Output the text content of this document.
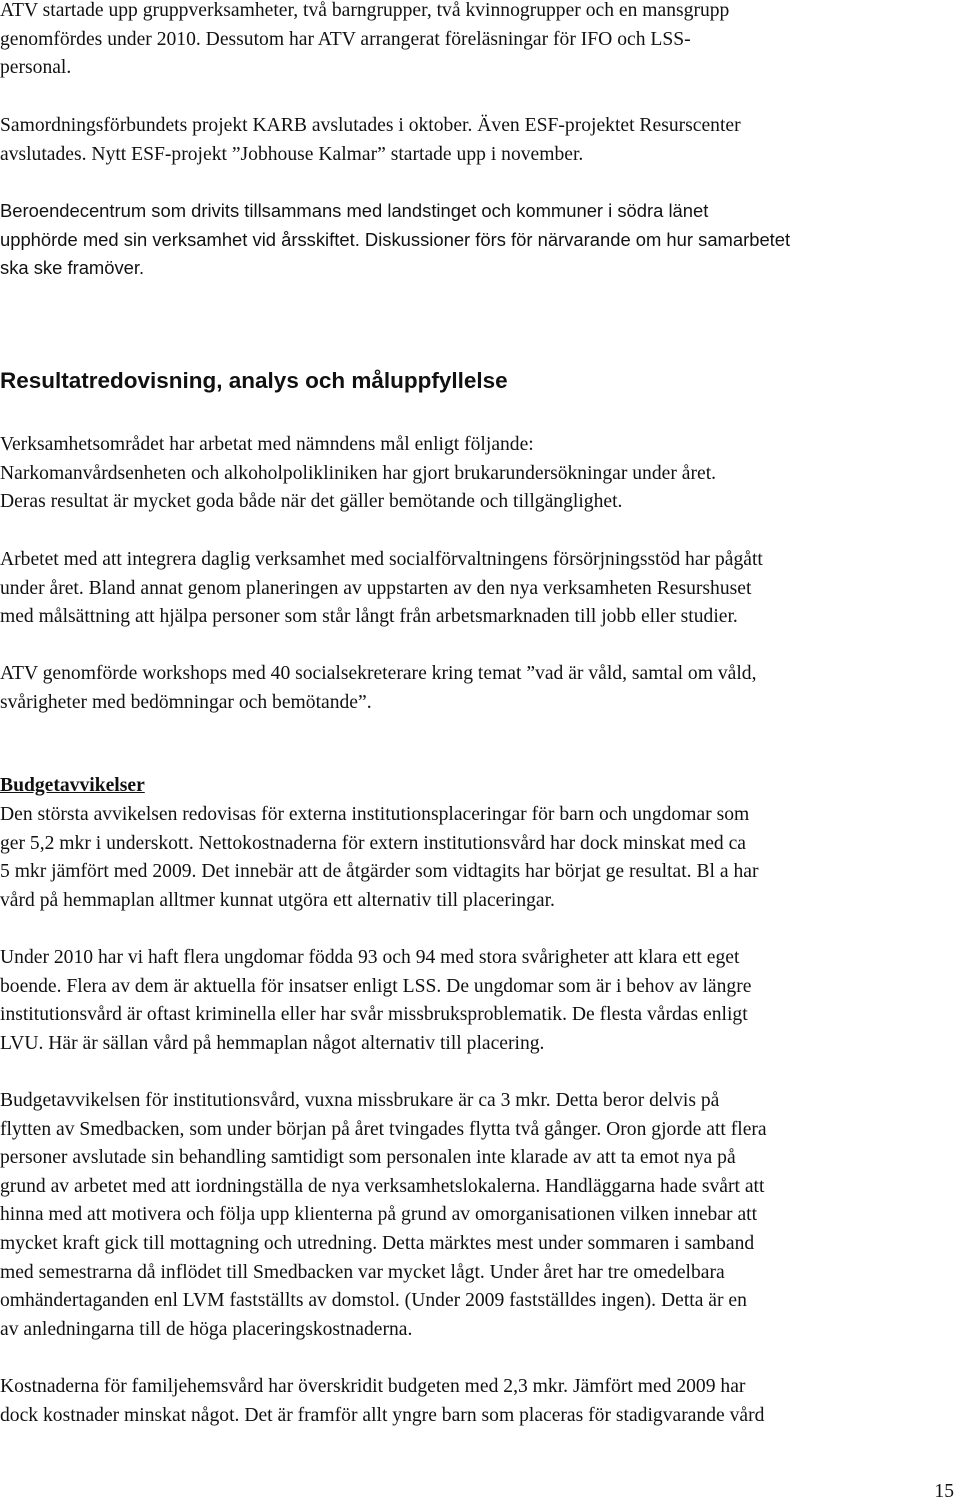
ATV startade upp gruppverksamheter, två barngrupper, två kvinnogrupper och en mansgrupp
genomfördes under 2010. Dessutom har ATV arrangerat föreläsningar för IFO och LSS-
personal.
Samordningsförbundets projekt KARB avslutades i oktober. Även ESF-projektet Resurscenter
avslutades. Nytt ESF-projekt ”Jobhouse Kalmar” startade upp i november.
Beroendecentrum som drivits tillsammans med landstinget och kommuner i södra länet
upphörde med sin verksamhet vid årsskiftet. Diskussioner förs för närvarande om hur samarbetet
ska ske framöver.
Resultatredovisning, analys och måluppfyllelse
Verksamhetsområdet har arbetat med nämndens mål enligt följande:
Narkomanvårdsenheten och alkoholpolikliniken har gjort brukarundersökningar under året.
Deras resultat är mycket goda både när det gäller bemötande och tillgänglighet.
Arbetet med att integrera daglig verksamhet med socialförvaltningens försörjningsstöd har pågått
under året. Bland annat genom planeringen av uppstarten av den nya verksamheten Resurshuset
med målsättning att hjälpa personer som står långt från arbetsmarknaden till jobb eller studier.
ATV genomförde workshops med 40 socialsekreterare kring temat ”vad är våld, samtal om våld,
svårigheter med bedömningar och bemötande”.
Budgetavvikelser
Den största avvikelsen redovisas för externa institutionsplaceringar för barn och ungdomar som
ger 5,2 mkr i underskott. Nettokostnaderna för extern institutionsvård har dock minskat med ca
5 mkr jämfört med 2009. Det innebär att de åtgärder som vidtagits har börjat ge resultat. Bl a har
vård på hemmaplan alltmer kunnat utgöra ett alternativ till placeringar.
Under 2010 har vi haft flera ungdomar födda 93 och 94 med stora svårigheter att klara ett eget
boende. Flera av dem är aktuella för insatser enligt LSS. De ungdomar som är i behov av längre
institutionsvård är oftast kriminella eller har svår missbruksproblematik. De flesta vårdas enligt
LVU. Här är sällan vård på hemmaplan något alternativ till placering.
Budgetavvikelsen för institutionsvård, vuxna missbrukare är ca 3 mkr. Detta beror delvis på
flytten av Smedbacken, som under början på året tvingades flytta två gånger. Oron gjorde att flera
personer avslutade sin behandling samtidigt som personalen inte klarade av att ta emot nya på
grund av arbetet med att iordningställa de nya verksamhetslokalerna. Handläggarna hade svårt att
hinna med att motivera och följa upp klienterna på grund av omorganisationen vilken innebar att
mycket kraft gick till mottagning och utredning. Detta märktes mest under sommaren i samband
med semestrarna då inflödet till Smedbacken var mycket lågt. Under året har tre omedelbara
omhändertaganden enl LVM fastställts av domstol. (Under 2009 fastställdes ingen). Detta är en
av anledningarna till de höga placeringskostnaderna.
Kostnaderna för familjehemsvård har överskridit budgeten med 2,3 mkr. Jämfört med 2009 har
dock kostnader minskat något. Det är framför allt yngre barn som placeras för stadigvarande vård
15
